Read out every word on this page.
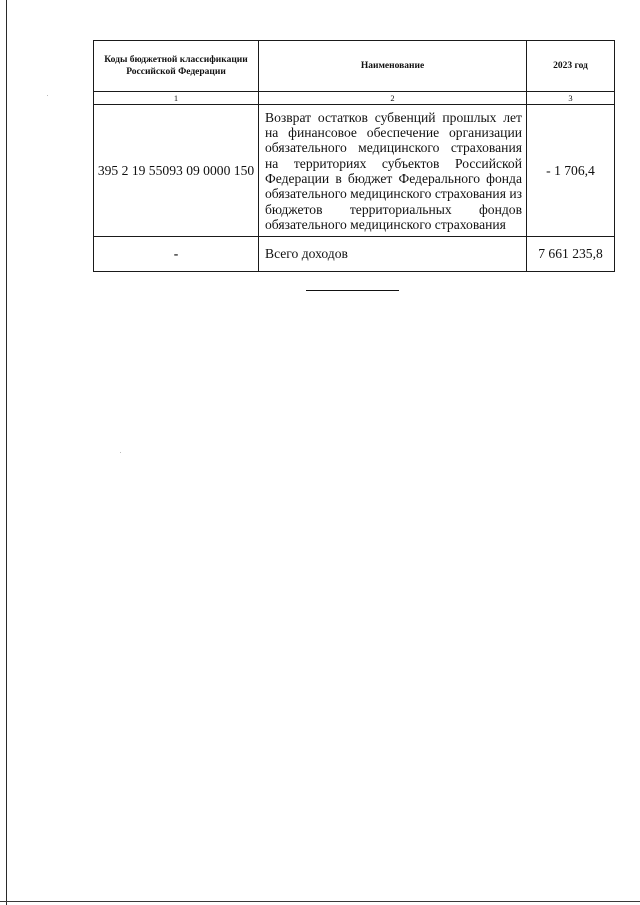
Коды бюджетной классификации Российской Федерации	Наименование	2023 год
1	2	3
395 2 19 55093 09 0000 150	Возврат остатков субвенций прошлых лет на финансовое обеспечение организации обязательного медицинского страхования на территориях субъектов Российской Федерации в бюджет Федерального фонда обязательного медицинского страхования из бюджетов территориальных фондов обязательного медицинского страхования	- 1 706,4
-	Всего доходов	7 661 235,8
